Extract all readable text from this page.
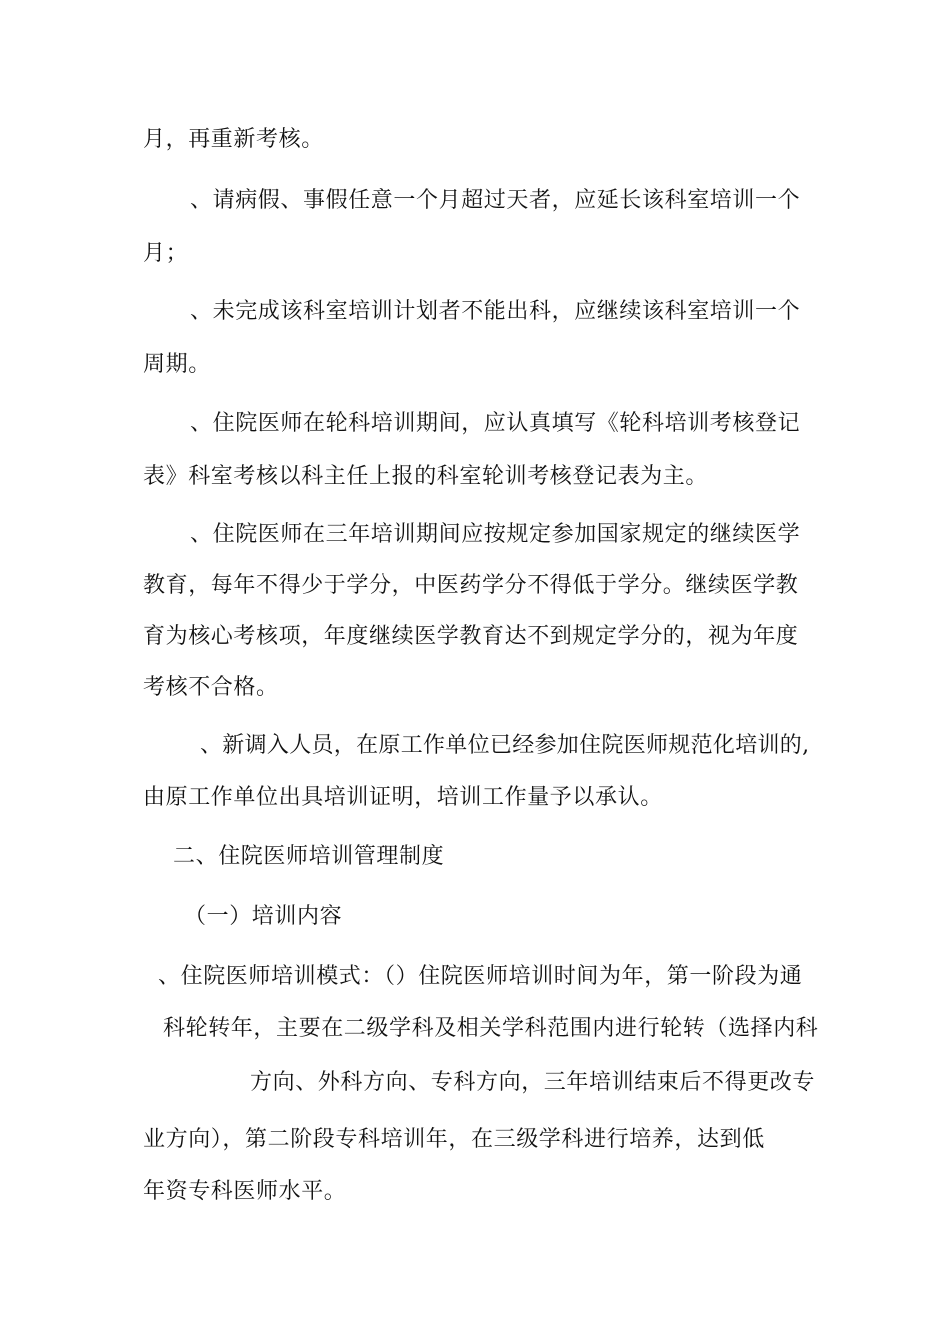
月，再重新考核。
、请病假、事假任意一个月超过天者，应延长该科室培训一个
月；
、未完成该科室培训计划者不能出科，应继续该科室培训一个
周期。
、住院医师在轮科培训期间，应认真填写《轮科培训考核登记
表》科室考核以科主任上报的科室轮训考核登记表为主。
、住院医师在三年培训期间应按规定参加国家规定的继续医学
教育，每年不得少于学分，中医药学分不得低于学分。继续医学教
育为核心考核项，年度继续医学教育达不到规定学分的，视为年度
考核不合格。
、新调入人员，在原工作单位已经参加住院医师规范化培训的,
由原工作单位出具培训证明，培训工作量予以承认。
二、住院医师培训管理制度
（一）培训内容
、住院医师培训模式：（）住院医师培训时间为年，第一阶段为通
科轮转年，主要在二级学科及相关学科范围内进行轮转（选择内科
方向、外科方向、专科方向，三年培训结束后不得更改专
业方向），第二阶段专科培训年，在三级学科进行培养，达到低
年资专科医师水平。
